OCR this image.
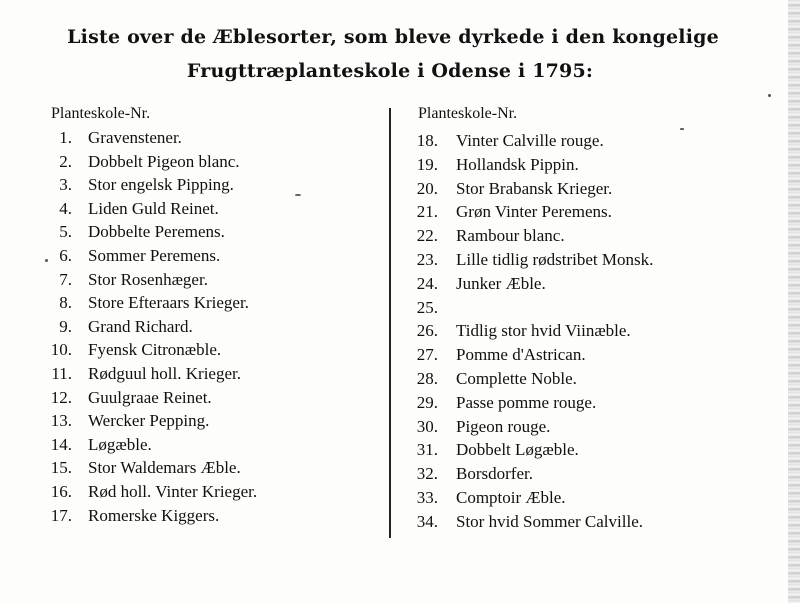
Liste over de Æblesorter, som bleve dyrkede i den kongelige
Frugttræplanteskole i Odense i 1795:
Planteskole-Nr.	Planteskole-Nr.
1. Gravenstener.
2. Dobbelt Pigeon blanc.
3. Stor engelsk Pipping.
4. Liden Guld Reinet.
5. Dobbelte Peremens.
6. Sommer Peremens.
7. Stor Rosenhæger.
8. Store Efteraars Krieger.
9. Grand Richard.
10. Fyensk Citronæble.
11. Rødguul holl. Krieger.
12. Guulgraae Reinet.
13. Wercker Pepping.
14. Løgæble.
15. Stor Waldemars Æble.
16. Rød holl. Vinter Krieger.
17. Romerske Kiggers.
18. Vinter Calville rouge.
19. Hollandsk Pippin.
20. Stor Brabansk Krieger.
21. Grøn Vinter Peremens.
22. Rambour blanc.
23. Lille tidlig rødstribet Monsk.
24. Junker Æble.
25.
26. Tidlig stor hvid Viinæble.
27. Pomme d'Astrican.
28. Complette Noble.
29. Passe pomme rouge.
30. Pigeon rouge.
31. Dobbelt Løgæble.
32. Borsdorfer.
33. Comptoir Æble.
34. Stor hvid Sommer Calville.
